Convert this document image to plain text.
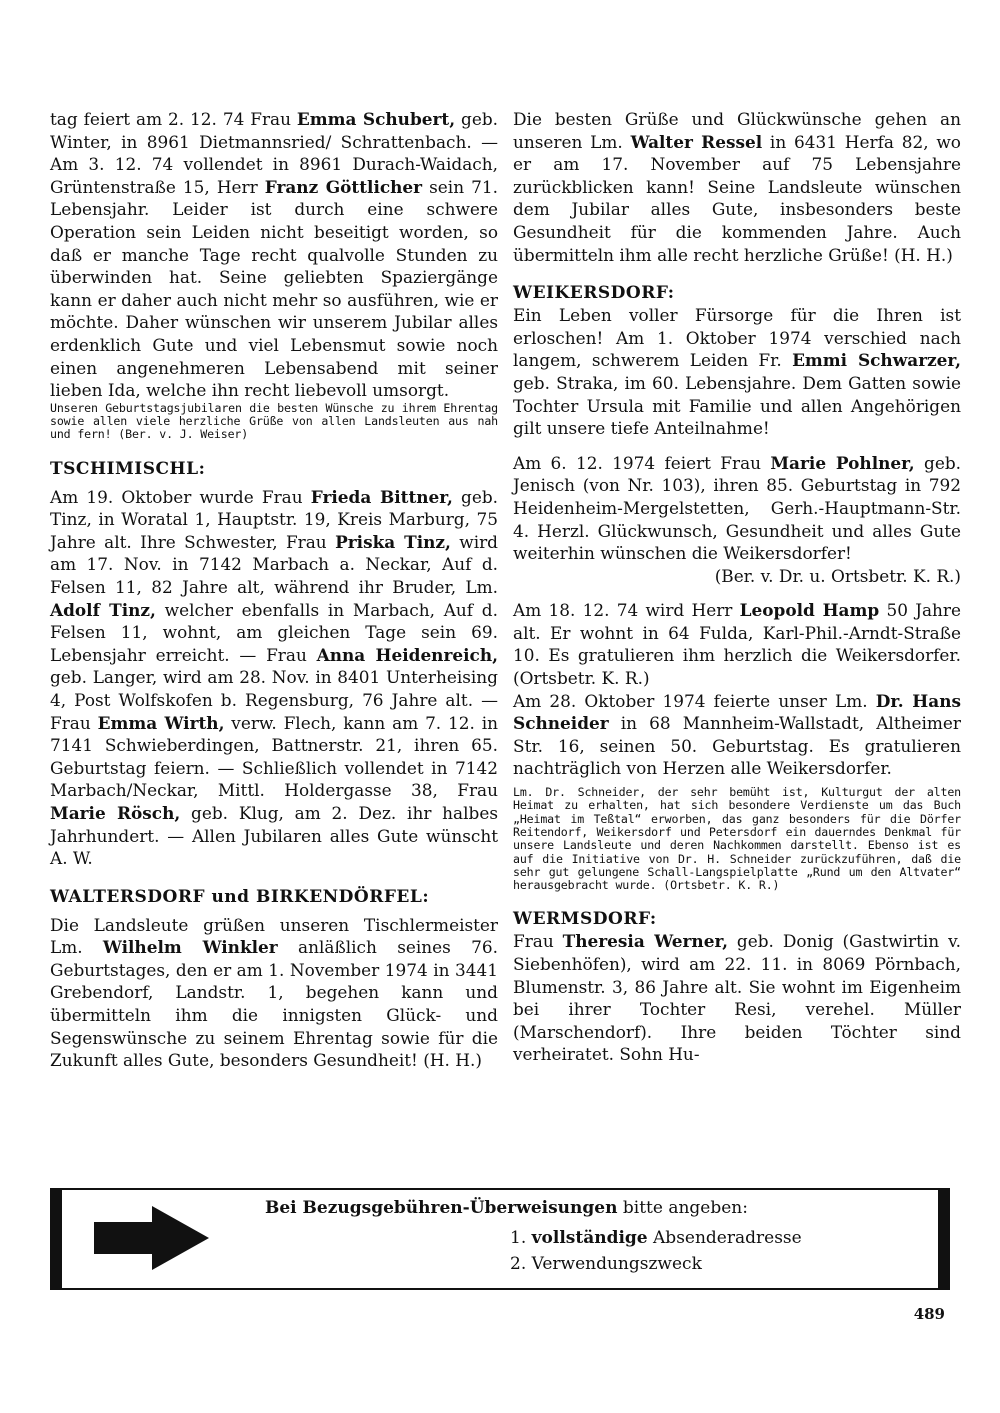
tag feiert am 2. 12. 74 Frau Emma Schubert, geb. Winter, in 8961 Dietmannsried/ Schrattenbach. — Am 3. 12. 74 vollendet in 8961 Durach-Waidach, Grüntenstraße 15, Herr Franz Göttlicher sein 71. Lebensjahr. Leider ist durch eine schwere Operation sein Leiden nicht beseitigt worden, so daß er manche Tage recht qualvolle Stunden zu überwinden hat. Seine geliebten Spaziergänge kann er daher auch nicht mehr so ausführen, wie er möchte. Daher wünschen wir unserem Jubilar alles erdenklich Gute und viel Lebensmut sowie noch einen angenehmeren Lebensabend mit seiner lieben Ida, welche ihn recht liebevoll umsorgt.

Unseren Geburtstagsjubilaren die besten Wünsche zu ihrem Ehrentag sowie allen viele herzliche Grüße von allen Landsleuten aus nah und fern! (Ber. v. J. Weiser)

TSCHIMISCHL:

Am 19. Oktober wurde Frau Frieda Bittner, geb. Tinz, in Woratal 1, Hauptstr. 19, Kreis Marburg, 75 Jahre alt. Ihre Schwester, Frau Priska Tinz, wird am 17. Nov. in 7142 Marbach a. Neckar, Auf d. Felsen 11, 82 Jahre alt, während ihr Bruder, Lm. Adolf Tinz, welcher ebenfalls in Marbach, Auf d. Felsen 11, wohnt, am gleichen Tage sein 69. Lebensjahr erreicht. — Frau Anna Heidenreich, geb. Langer, wird am 28. Nov. in 8401 Unterheising 4, Post Wolfskofen b. Regensburg, 76 Jahre alt. — Frau Emma Wirth, verw. Flech, kann am 7. 12. in 7141 Schwieberdingen, Battnerstr. 21, ihren 65. Geburtstag feiern. — Schließlich vollendet in 7142 Marbach/Neckar, Mittl. Holdergasse 38, Frau Marie Rösch, geb. Klug, am 2. Dez. ihr halbes Jahrhundert. — Allen Jubilaren alles Gute wünscht A. W.

WALTERSDORF und BIRKENDÖRFEL:

Die Landsleute grüßen unseren Tischlermeister Lm. Wilhelm Winkler anläßlich seines 76. Geburtstages, den er am 1. November 1974 in 3441 Grebendorf, Landstr. 1, begehen kann und übermitteln ihm die innigsten Glück- und Segenswünsche zu seinem Ehrentag sowie für die Zukunft alles Gute, besonders Gesundheit! (H. H.)

Die besten Grüße und Glückwünsche gehen an unseren Lm. Walter Ressel in 6431 Herfa 82, wo er am 17. November auf 75 Lebensjahre zurückblicken kann! Seine Landsleute wünschen dem Jubilar alles Gute, insbesonders beste Gesundheit für die kommenden Jahre. Auch übermitteln ihm alle recht herzliche Grüße! (H. H.)

WEIKERSDORF:

Ein Leben voller Fürsorge für die Ihren ist erloschen! Am 1. Oktober 1974 verschied nach langem, schwerem Leiden Fr. Emmi Schwarzer, geb. Straka, im 60. Lebensjahre. Dem Gatten sowie Tochter Ursula mit Familie und allen Angehörigen gilt unsere tiefe Anteilnahme!

Am 6. 12. 1974 feiert Frau Marie Pohlner, geb. Jenisch (von Nr. 103), ihren 85. Geburtstag in 792 Heidenheim-Mergelstetten, Gerh.-Hauptmann-Str. 4. Herzl. Glückwunsch, Gesundheit und alles Gute weiterhin wünschen die Weikersdorfer!

(Ber. v. Dr. u. Ortsbetr. K. R.)

Am 18. 12. 74 wird Herr Leopold Hamp 50 Jahre alt. Er wohnt in 64 Fulda, Karl-Phil.-Arndt-Straße 10. Es gratulieren ihm herzlich die Weikersdorfer. (Ortsbetr. K. R.)

Am 28. Oktober 1974 feierte unser Lm. Dr. Hans Schneider in 68 Mannheim-Wallstadt, Altheimer Str. 16, seinen 50. Geburtstag. Es gratulieren nachträglich von Herzen alle Weikersdorfer.

Lm. Dr. Schneider, der sehr bemüht ist, Kulturgut der alten Heimat zu erhalten, hat sich besondere Verdienste um das Buch „Heimat im Teßtal“ erworben, das ganz besonders für die Dörfer Reitendorf, Weikersdorf und Petersdorf ein dauerndes Denkmal für unsere Landsleute und deren Nachkommen darstellt. Ebenso ist es auf die Initiative von Dr. H. Schneider zurückzuführen, daß die sehr gut gelungene Schall-Langspielplatte „Rund um den Altvater“ herausgebracht wurde. (Ortsbetr. K. R.)

WERMSDORF:

Frau Theresia Werner, geb. Donig (Gastwirtin v. Siebenhöfen), wird am 22. 11. in 8069 Pörnbach, Blumenstr. 3, 86 Jahre alt. Sie wohnt im Eigenheim bei ihrer Tochter Resi, verehel. Müller (Marschendorf). Ihre beiden Töchter sind verheiratet. Sohn Hu-

Bei Bezugsgebühren-Überweisungen bitte angeben:
1. vollständige Absenderadresse
2. Verwendungszweck
489
